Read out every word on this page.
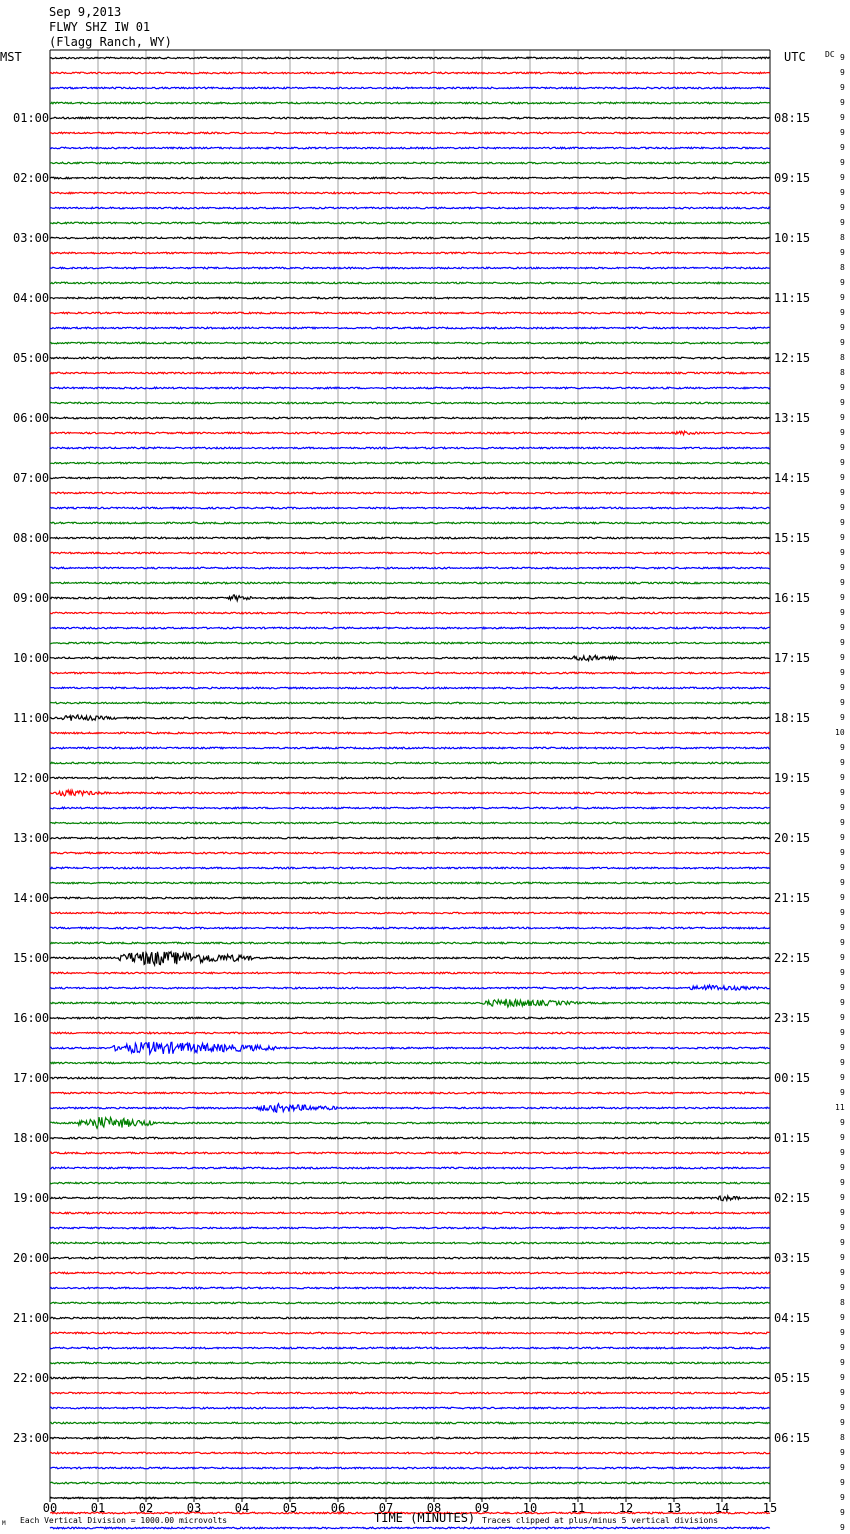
Sep 9,2013
FLWY SHZ IW 01
(Flagg Ranch, WY)
MST	UTC DC
01:00
02:00
03:00
04:00
05:00
06:00
07:00
08:00
09:00
10:00
11:00
12:00
13:00
14:00
15:00
16:00
17:00
18:00
19:00
20:00
21:00
22:00
23:00
08:15
09:15
10:15
11:15
12:15
13:15
14:15
15:15
16:15
17:15
18:15
19:15
20:15
21:15
22:15
23:15
00:15
01:15
02:15
03:15
04:15
05:15
06:15
9
9
9
9
9
9
9
9
9
9
9
9
8
9
8
9
9
9
9
9
8
8
9
9
9
9
9
9
9
9
9
9
9
9
9
9
9
9
9
9
9
9
9
9
9
10
9
9
9
9
9
9
9
9
9
9
9
9
9
9
9
9
9
9
9
9
9
9
9
9
11
9
9
9
9
9
9
9
9
9
9
9
9
8
9
9
9
9
9
9
9
9
8
9
9
9
9
9
9
00	01	02	03	04	05	06	07	08	09	10	11	12	13	14	15
TIME (MINUTES)
Each Vertical Division = 1000.00 microvolts	Traces clipped at plus/minus 5 vertical divisions
M
